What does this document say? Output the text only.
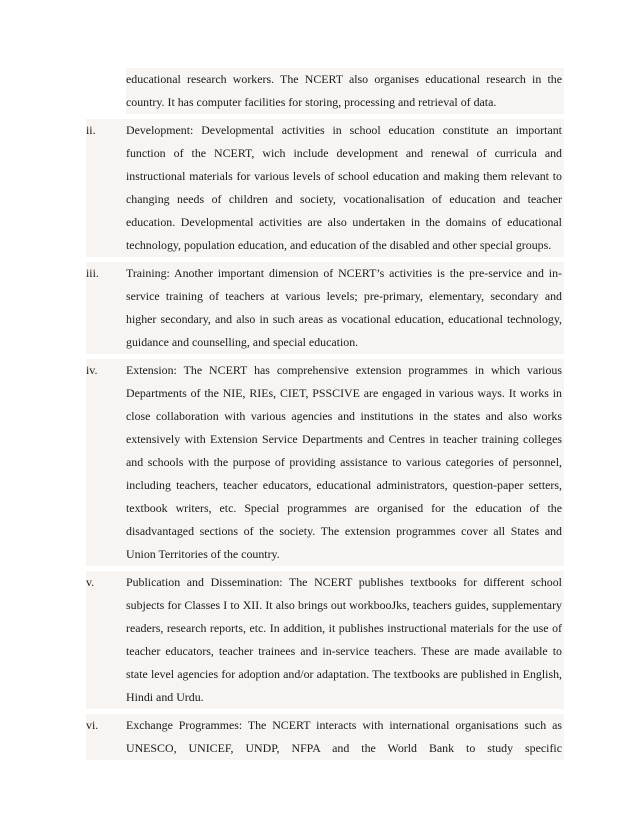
educational research workers. The NCERT also organises educational research in the country. It has computer facilities for storing, processing and retrieval of data.
ii.	Development: Developmental activities in school education constitute an important function of the NCERT, wich include development and renewal of curricula and instructional materials for various levels of school education and making them relevant to changing needs of children and society, vocationalisation of education and teacher education. Developmental activities are also undertaken in the domains of educational technology, population education, and education of the disabled and other special groups.
iii.	Training: Another important dimension of NCERT’s activities is the pre-service and in-service training of teachers at various levels; pre-primary, elementary, secondary and higher secondary, and also in such areas as vocational education, educational technology, guidance and counselling, and special education.
iv.	Extension: The NCERT has comprehensive extension programmes in which various Departments of the NIE, RIEs, CIET, PSSCIVE are engaged in various ways. It works in close collaboration with various agencies and institutions in the states and also works extensively with Extension Service Departments and Centres in teacher training colleges and schools with the purpose of providing assistance to various categories of personnel, including teachers, teacher educators, educational administrators, question-paper setters, textbook writers, etc. Special programmes are organised for the education of the disadvantaged sections of the society. The extension programmes cover all States and Union Territories of the country.
v.	Publication and Dissemination: The NCERT publishes textbooks for different school subjects for Classes I to XII. It also brings out workbooJks, teachers guides, supplementary readers, research reports, etc. In addition, it publishes instructional materials for the use of teacher educators, teacher trainees and in-service teachers. These are made available to state level agencies for adoption and/or adaptation. The textbooks are published in English, Hindi and Urdu.
vi.	Exchange Programmes: The NCERT interacts with international organisations such as UNESCO, UNICEF, UNDP, NFPA and the World Bank to study specific
